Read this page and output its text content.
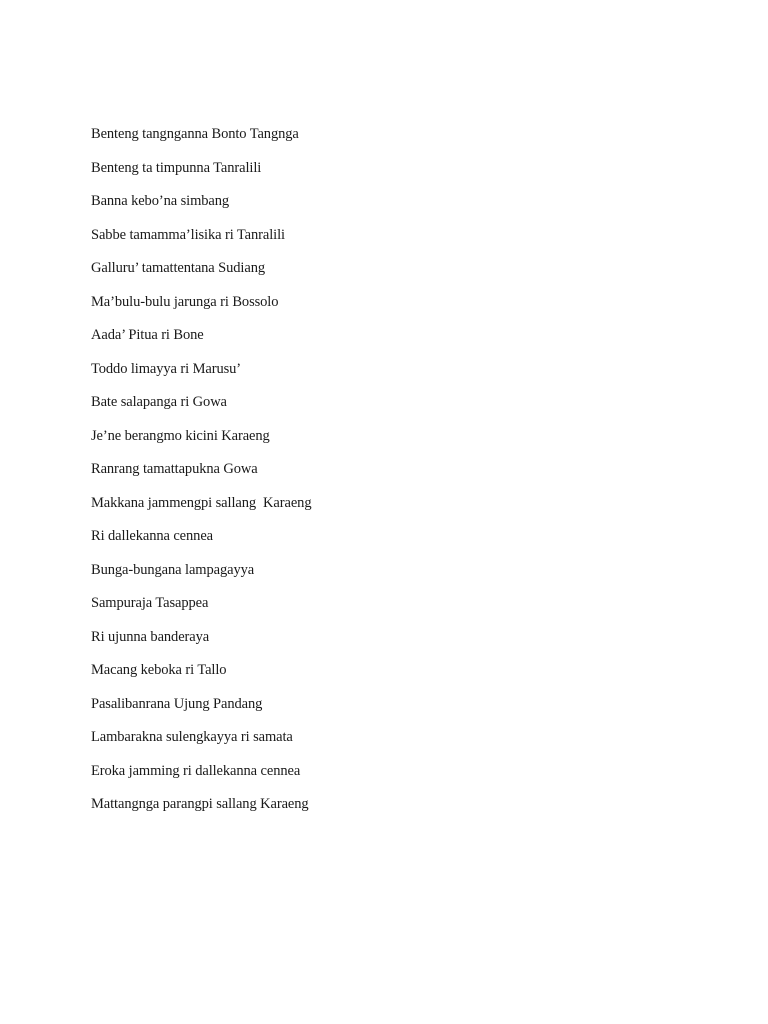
Benteng tangnganna Bonto Tangnga
Benteng ta timpunna Tanralili
Banna kebo’na simbang
Sabbe tamamma’lisika ri Tanralili
Galluru’ tamattentana Sudiang
Ma’bulu-bulu jarunga ri Bossolo
Aada’ Pitua ri Bone
Toddo limayya ri Marusu’
Bate salapanga ri Gowa
Je’ne berangmo kicini Karaeng
Ranrang tamattapukna Gowa
Makkana jammengpi sallang  Karaeng
Ri dallekanna cennea
Bunga-bungana lampagayya
Sampuraja Tasappea
Ri ujunna banderaya
Macang keboka ri Tallo
Pasalibanrana Ujung Pandang
Lambarakna sulengkayya ri samata
Eroka jamming ri dallekanna cennea
Mattangnga parangpi sallang Karaeng
